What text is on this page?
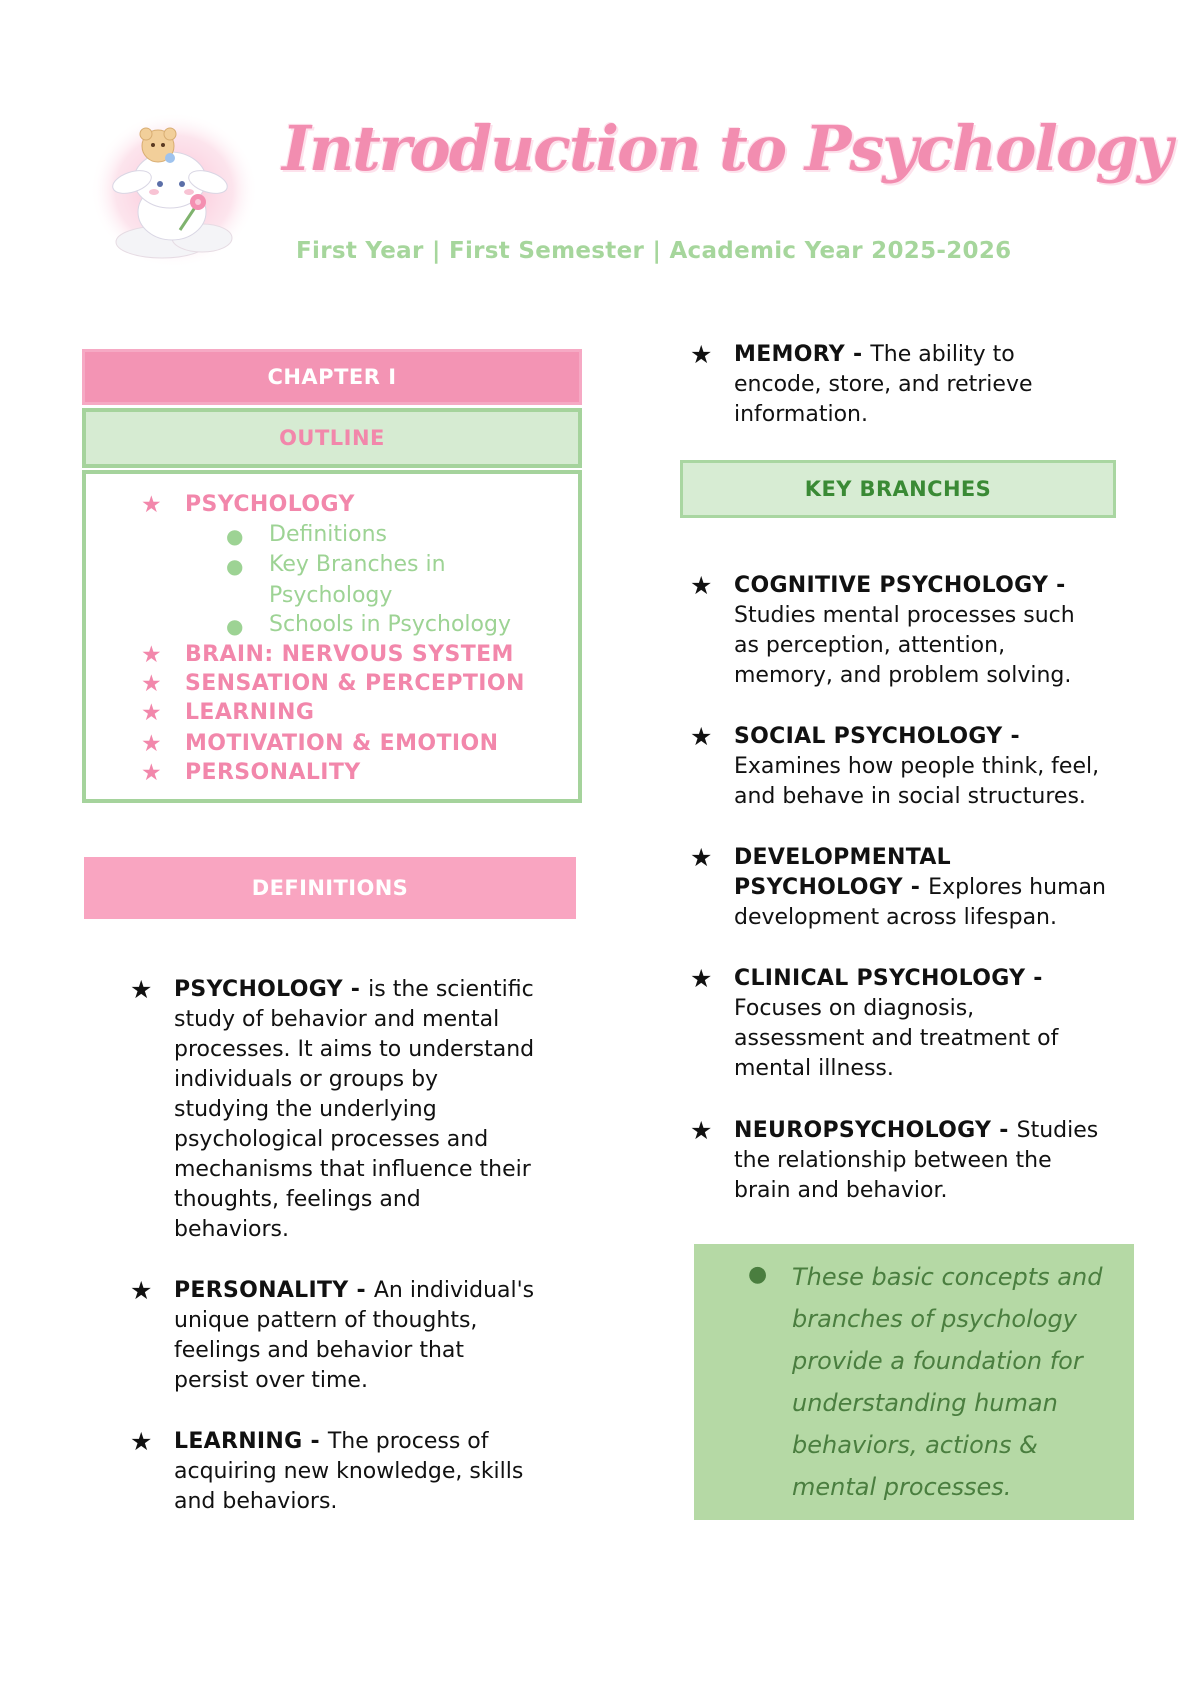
Introduction to Psychology

First Year | First Semester | Academic Year 2025-2026

CHAPTER I
OUTLINE
★ PSYCHOLOGY
● Definitions
● Key Branches in
Psychology
● Schools in Psychology
★ BRAIN: NERVOUS SYSTEM
★ SENSATION & PERCEPTION
★ LEARNING
★ MOTIVATION & EMOTION
★ PERSONALITY
DEFINITIONS
★ PSYCHOLOGY - is the scientific
study of behavior and mental
processes. It aims to understand
individuals or groups by
studying the underlying
psychological processes and
mechanisms that influence their
thoughts, feelings and
behaviors.
★ PERSONALITY - An individual's
unique pattern of thoughts,
feelings and behavior that
persist over time.
★ LEARNING - The process of
acquiring new knowledge, skills
and behaviors.
★ MEMORY - The ability to
encode, store, and retrieve
information.
KEY BRANCHES
★ COGNITIVE PSYCHOLOGY -
Studies mental processes such
as perception, attention,
memory, and problem solving.
★ SOCIAL PSYCHOLOGY -
Examines how people think, feel,
and behave in social structures.
★ DEVELOPMENTAL
PSYCHOLOGY - Explores human
development across lifespan.
★ CLINICAL PSYCHOLOGY -
Focuses on diagnosis,
assessment and treatment of
mental illness.
★ NEUROPSYCHOLOGY - Studies
the relationship between the
brain and behavior.
● These basic concepts and
branches of psychology
provide a foundation for
understanding human
behaviors, actions &
mental processes.
